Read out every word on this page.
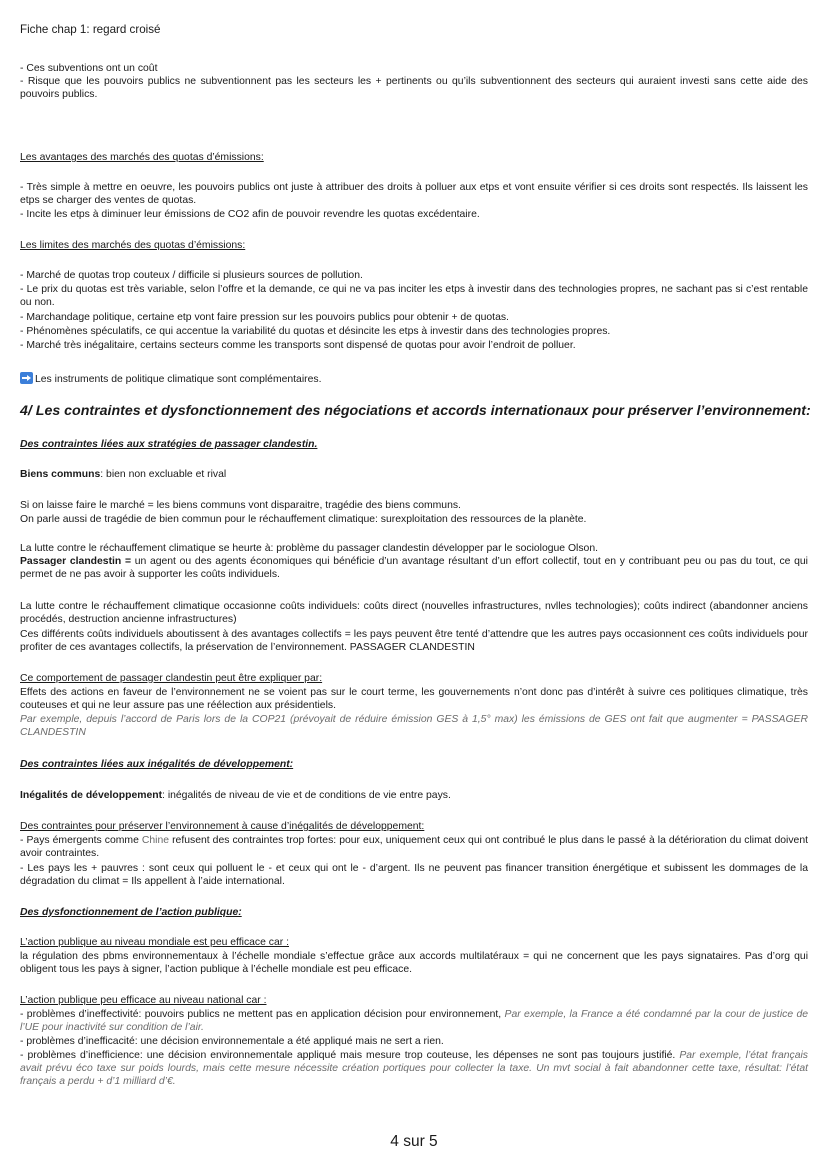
Fiche chap 1: regard croisé

- Ces subventions ont un coût

- Risque que les pouvoirs publics ne subventionnent pas les secteurs les + pertinents ou qu’ils subventionnent des secteurs qui auraient investi sans cette aide des pouvoirs publics.

Les avantages des marchés des quotas d’émissions:

- Très simple à mettre en oeuvre, les pouvoirs publics ont juste à attribuer des droits à polluer aux etps et vont ensuite vérifier si ces droits sont respectés. Ils laissent les etps se charger des ventes de quotas.

- Incite les etps à diminuer leur émissions de CO2 afin de pouvoir revendre les quotas excédentaire.

Les limites des marchés des quotas d’émissions:

- Marché de quotas trop couteux / difficile si plusieurs sources de pollution.

- Le prix du quotas est très variable, selon l’offre et la demande, ce qui ne va pas inciter les etps à investir dans des technologies propres, ne sachant pas si c’est rentable ou non.

- Marchandage politique, certaine etp vont faire pression sur les pouvoirs publics pour obtenir + de quotas.

- Phénomènes spéculatifs, ce qui accentue la variabilité du quotas et désincite les etps à investir dans des technologies propres.

- Marché très inégalitaire, certains secteurs comme les transports sont dispensé de quotas pour avoir l’endroit de polluer.

Les instruments de politique climatique sont complémentaires.

4/ Les contraintes et dysfonctionnement des négociations et accords internationaux pour préserver l’environnement:

Des contraintes liées aux stratégies de passager clandestin.

Biens communs: bien non excluable et rival

Si on laisse faire le marché = les biens communs vont disparaitre, tragédie des biens communs.

On parle aussi de tragédie de bien commun pour le réchauffement climatique: surexploitation des ressources de la planète.

La lutte contre le réchauffement climatique se heurte à: problème du passager clandestin développer par le sociologue Olson.

Passager clandestin = un agent ou des agents économiques qui bénéficie d’un avantage résultant d’un effort collectif, tout en y contribuant peu ou pas du tout, ce qui permet de ne pas avoir à supporter les coûts individuels.

La lutte contre le réchauffement climatique occasionne coûts individuels: coûts direct (nouvelles infrastructures, nvlles technologies); coûts indirect (abandonner anciens procédés, destruction ancienne infrastructures)

Ces différents coûts individuels aboutissent à des avantages collectifs = les pays peuvent être tenté d’attendre que les autres pays occasionnent ces coûts individuels pour profiter de ces avantages collectifs, la préservation de l’environnement. PASSAGER CLANDESTIN

Ce comportement de passager clandestin peut être expliquer par:

Effets des actions en faveur de l’environnement ne se voient pas sur le court terme, les gouvernements n’ont donc pas d’intérêt à suivre ces politiques climatique, très couteuses et qui ne leur assure pas une réélection aux présidentiels.

Par exemple, depuis l’accord de Paris lors de la COP21 (prévoyait de réduire émission GES à 1,5° max) les émissions de GES ont fait que augmenter = PASSAGER CLANDESTIN

Des contraintes liées aux inégalités de développement:

Inégalités de développement: inégalités de niveau de vie et de conditions de vie entre pays.

Des contraintes pour préserver l’environnement à cause d’inégalités de développement:

- Pays émergents comme Chine refusent des contraintes trop fortes: pour eux, uniquement ceux qui ont contribué le plus dans le passé à la détérioration du climat doivent avoir contraintes.

- Les pays les + pauvres : sont ceux qui polluent le - et ceux qui ont le - d’argent. Ils ne peuvent pas financer transition énergétique et subissent les dommages de la dégradation du climat = Ils appellent à l’aide international.

Des dysfonctionnement de l’action publique:

L’action publique au niveau mondiale est peu efficace car :

la régulation des pbms environnementaux à l’échelle mondiale s’effectue grâce aux accords multilatéraux = qui ne concernent que les pays signataires. Pas d’org qui obligent tous les pays à signer, l’action publique à l’échelle mondiale est peu efficace.

L’action publique peu efficace au niveau national car :

- problèmes d’ineffectivité: pouvoirs publics ne mettent pas en application décision pour environnement, Par exemple, la France a été condamné par la cour de justice de l’UE pour inactivité sur condition de l’air.

- problèmes d’inefficacité: une décision environnementale a été appliqué mais ne sert a rien.

- problèmes d’inefficience: une décision environnementale appliqué mais mesure trop couteuse, les dépenses ne sont pas toujours justifié. Par exemple, l’état français avait prévu éco taxe sur poids lourds, mais cette mesure nécessite création portiques pour collecter la taxe. Un mvt social à fait abandonner cette taxe, résultat: l’état français a perdu + d’1 milliard d’€.

4 sur 5
